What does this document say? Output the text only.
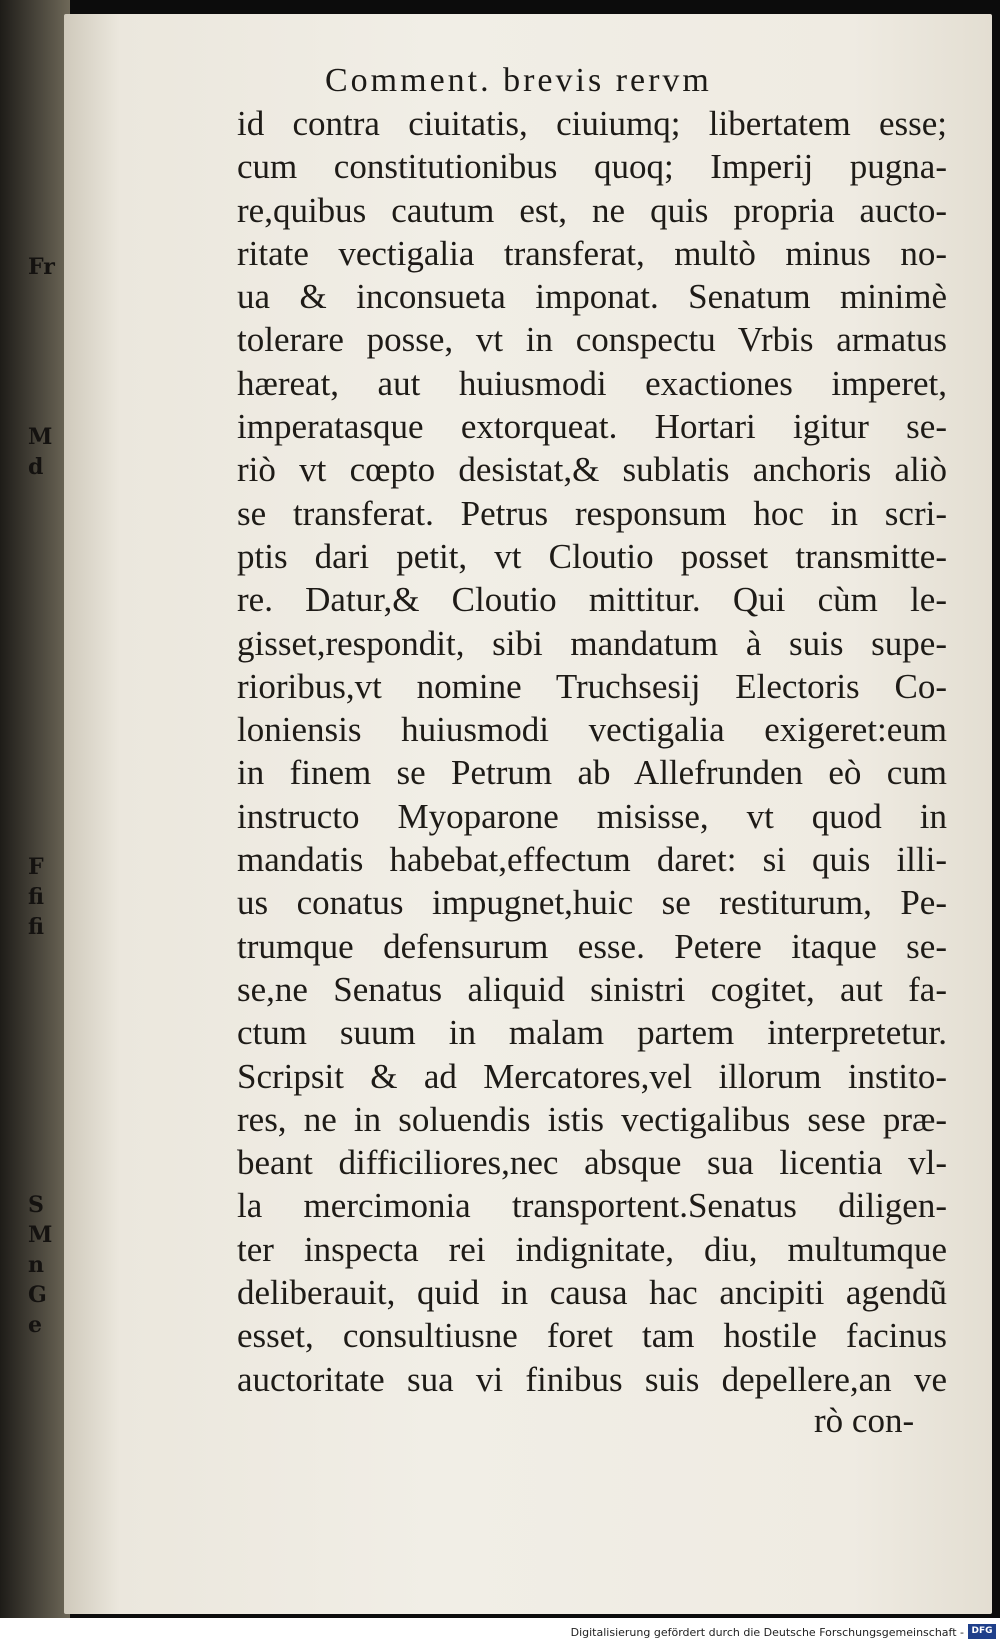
Fr
M
d
F
fi
fi
S
M
n
G
e
Comment. brevis rervm
id contra ciuitatis, ciuiumq; libertatem esse;
cum constitutionibus quoq; Imperij pugna-
re,quibus cautum est, ne quis propria aucto-
ritate vectigalia transferat, multò minus no-
ua & inconsueta imponat. Senatum minimè
tolerare posse, vt in conspectu Vrbis armatus
hæreat, aut huiusmodi exactiones imperet,
imperatasque extorqueat. Hortari igitur se-
riò vt cœpto desistat,& sublatis anchoris aliò
se transferat. Petrus responsum hoc in scri-
ptis dari petit, vt Cloutio posset transmitte-
re. Datur,& Cloutio mittitur. Qui cùm le-
gisset,respondit, sibi mandatum à suis supe-
rioribus,vt nomine Truchsesij Electoris Co-
loniensis huiusmodi vectigalia exigeret:eum
in finem se Petrum ab Allefrunden eò cum
instructo Myoparone misisse, vt quod in
mandatis habebat,effectum daret: si quis illi-
us conatus impugnet,huic se restiturum, Pe-
trumque defensurum esse. Petere itaque se-
se,ne Senatus aliquid sinistri cogitet, aut fa-
ctum suum in malam partem interpretetur.
Scripsit & ad Mercatores,vel illorum instito-
res, ne in soluendis istis vectigalibus sese præ-
beant difficiliores,nec absque sua licentia vl-
la mercimonia transportent.Senatus diligen-
ter inspecta rei indignitate, diu, multumque
deliberauit, quid in causa hac ancipiti agendũ
esset, consultiusne foret tam hostile facinus
auctoritate sua vi finibus suis depellere,an ve
rò con-
Digitalisierung gefördert durch die Deutsche Forschungsgemeinschaft - DFG
